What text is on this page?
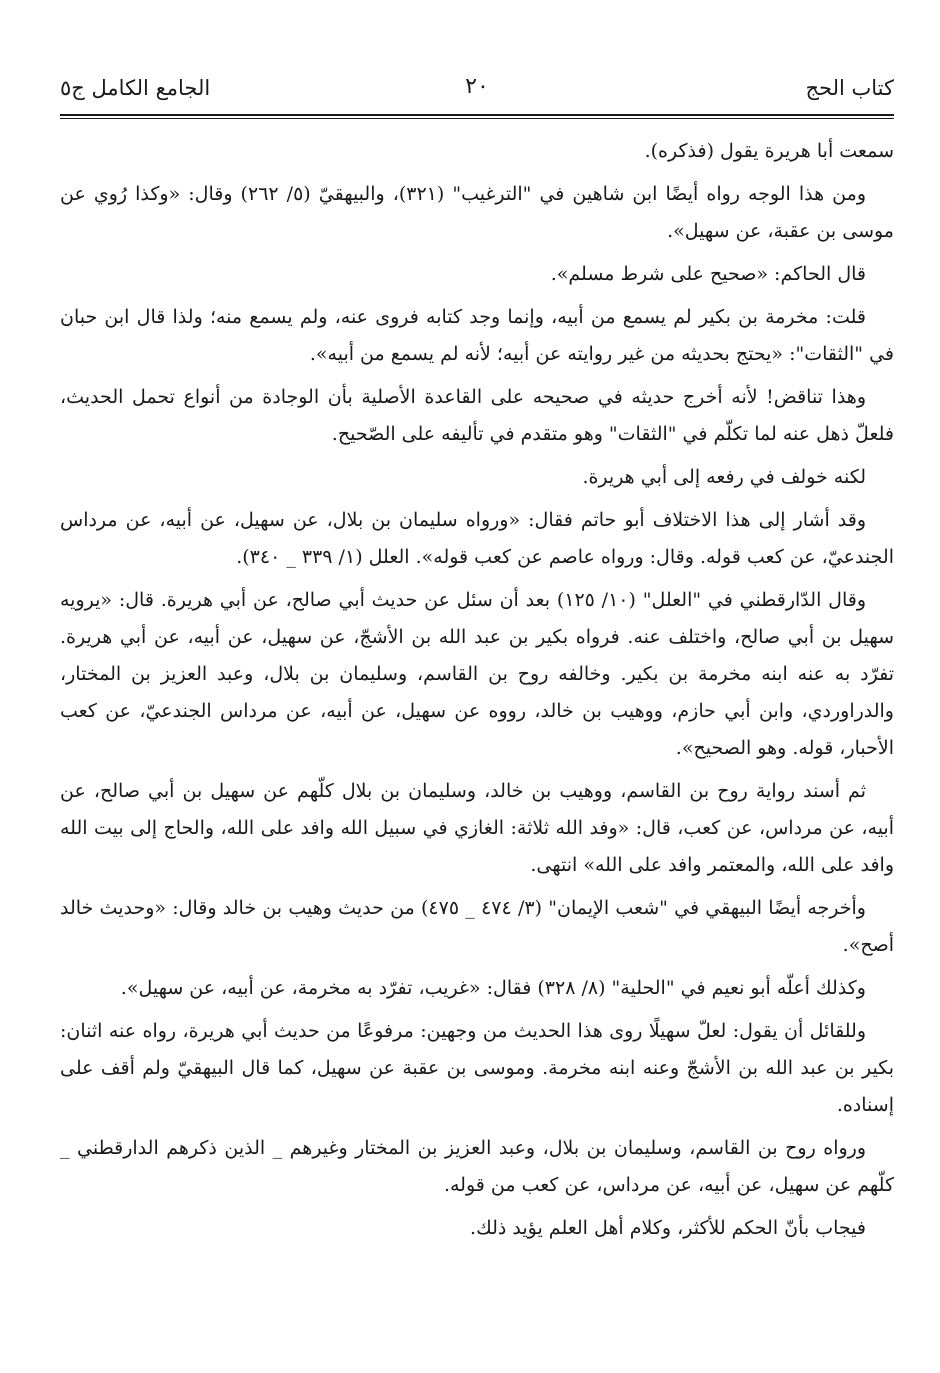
كتاب الحج
٢٠
الجامع الكامل ج٥

سمعت أبا هريرة يقول (فذكره).

ومن هذا الوجه رواه أيضًا ابن شاهين في "الترغيب" (٣٢١)، والبيهقيّ (٥/ ٢٦٢) وقال: «وكذا رُوي عن موسى بن عقبة، عن سهيل».

قال الحاكم: «صحيح على شرط مسلم».

قلت: مخرمة بن بكير لم يسمع من أبيه، وإنما وجد كتابه فروى عنه، ولم يسمع منه؛ ولذا قال ابن حبان في "الثقات": «يحتج بحديثه من غير روايته عن أبيه؛ لأنه لم يسمع من أبيه».

وهذا تناقض! لأنه أخرج حديثه في صحيحه على القاعدة الأصلية بأن الوجادة من أنواع تحمل الحديث، فلعلّ ذهل عنه لما تكلّم في "الثقات" وهو متقدم في تأليفه على الصّحيح.

لكنه خولف في رفعه إلى أبي هريرة.

وقد أشار إلى هذا الاختلاف أبو حاتم فقال: «ورواه سليمان بن بلال، عن سهيل، عن أبيه، عن مرداس الجندعيّ، عن كعب قوله. وقال: ورواه عاصم عن كعب قوله». العلل (١/ ٣٣٩ _ ٣٤٠).

وقال الدّارقطني في "العلل" (١٠/ ١٢٥) بعد أن سئل عن حديث أبي صالح، عن أبي هريرة. قال: «يرويه سهيل بن أبي صالح، واختلف عنه. فرواه بكير بن عبد الله بن الأشجّ، عن سهيل، عن أبيه، عن أبي هريرة. تفرّد به عنه ابنه مخرمة بن بكير. وخالفه روح بن القاسم، وسليمان بن بلال، وعبد العزيز بن المختار، والدراوردي، وابن أبي حازم، ووهيب بن خالد، رووه عن سهيل، عن أبيه، عن مرداس الجندعيّ، عن كعب الأحبار، قوله. وهو الصحيح».

ثم أسند رواية روح بن القاسم، ووهيب بن خالد، وسليمان بن بلال كلّهم عن سهيل بن أبي صالح، عن أبيه، عن مرداس، عن كعب، قال: «وفد الله ثلاثة: الغازي في سبيل الله وافد على الله، والحاج إلى بيت الله وافد على الله، والمعتمر وافد على الله» انتهى.

وأخرجه أيضًا البيهقي في "شعب الإيمان" (٣/ ٤٧٤ _ ٤٧٥) من حديث وهيب بن خالد وقال: «وحديث خالد أصح».

وكذلك أعلّه أبو نعيم في "الحلية" (٨/ ٣٢٨) فقال: «غريب، تفرّد به مخرمة، عن أبيه، عن سهيل».

وللقائل أن يقول: لعلّ سهيلًا روى هذا الحديث من وجهين: مرفوعًا من حديث أبي هريرة، رواه عنه اثنان: بكير بن عبد الله بن الأشجّ وعنه ابنه مخرمة. وموسى بن عقبة عن سهيل، كما قال البيهقيّ ولم أقف على إسناده.

ورواه روح بن القاسم، وسليمان بن بلال، وعبد العزيز بن المختار وغيرهم _ الذين ذكرهم الدارقطني _ كلّهم عن سهيل، عن أبيه، عن مرداس، عن كعب من قوله.

فيجاب بأنّ الحكم للأكثر، وكلام أهل العلم يؤيد ذلك.
